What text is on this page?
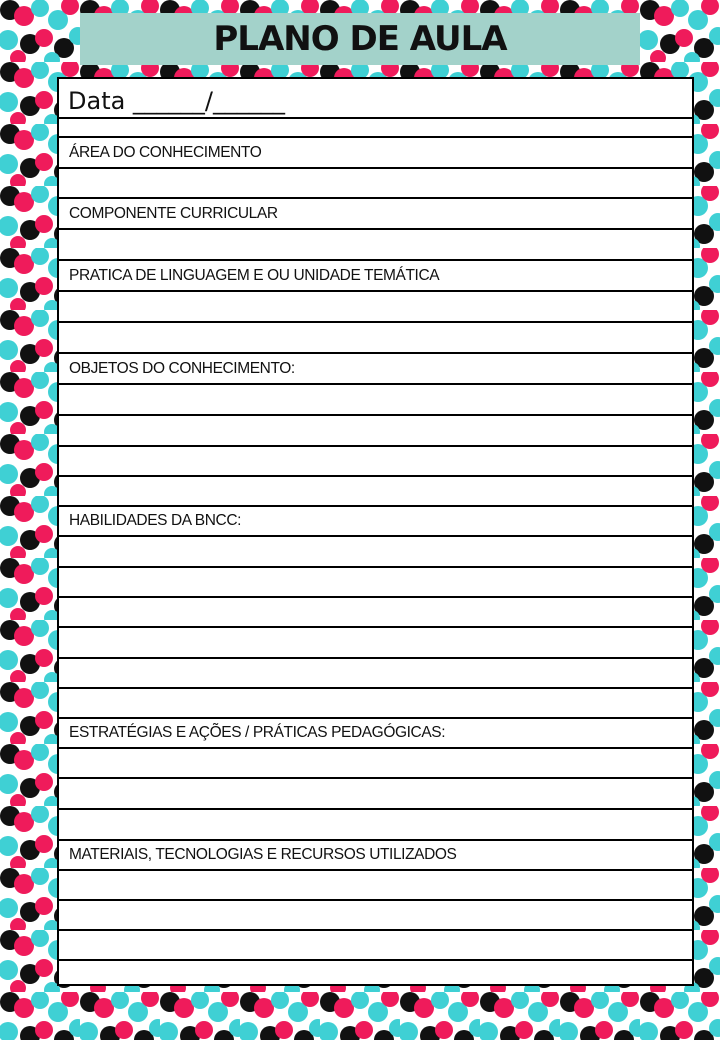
PLANO DE AULA
Data ______/______
ÁREA DO CONHECIMENTO
COMPONENTE CURRICULAR
PRATICA DE LINGUAGEM E OU UNIDADE TEMÁTICA
OBJETOS DO CONHECIMENTO:
HABILIDADES DA BNCC:
ESTRATÉGIAS E AÇÕES / PRÁTICAS PEDAGÓGICAS:
MATERIAIS, TECNOLOGIAS E RECURSOS UTILIZADOS
